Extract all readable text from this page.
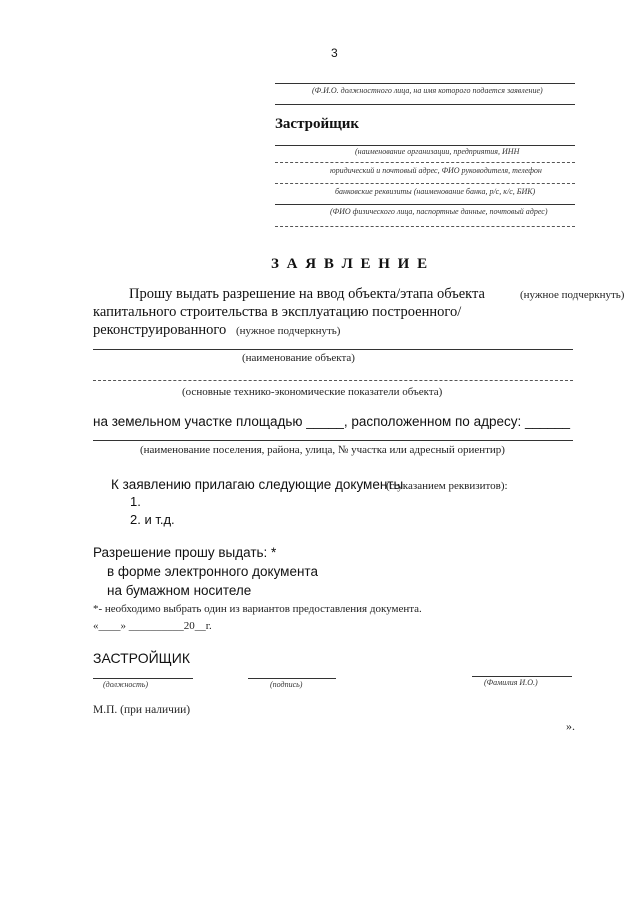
3
(Ф.И.О. должностного лица, на имя которого подается заявление)
Застройщик
(наименование организации, предприятия, ИНН
юридический и почтовый адрес, ФИО руководителя, телефон
банковские реквизиты (наименование банка, р/с, к/с, БИК)
(ФИО физического лица, паспортные данные, почтовый адрес)
З А Я В Л Е Н И Е
Прошу выдать разрешение на ввод объекта/этапа объекта	(нужное подчеркнуть)
капитального строительства в эксплуатацию построенного/
реконструированного (нужное подчеркнуть)
(наименование объекта)
(основные технико-экономические показатели объекта)
на земельном участке площадью _____, расположенном по адресу: ______
(наименование поселения, района, улица, № участка или адресный ориентир)
К заявлению прилагаю следующие документы
(с указанием реквизитов):
1.
2. и т.д.
Разрешение прошу выдать: *
в форме электронного документа
на бумажном носителе
*- необходимо выбрать один из вариантов предоставления документа.
«____» __________20__г.
ЗАСТРОЙЩИК
(должность)	(подпись)	(Фамилия И.О.)
М.П. (при наличии)
».
